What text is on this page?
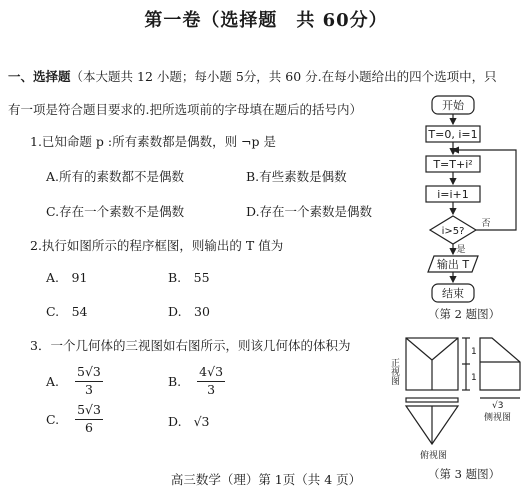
第一卷（选择题　共 60分）
一、选择题（本大题共 12 小题；每小题 5分，共 60 分.在每小题给出的四个选项中，只
有一项是符合题目要求的.把所选项前的字母填在题后的括号内）
1.已知命题 p :所有素数都是偶数，则 ¬p 是
A.所有的素数都不是偶数	B.有些素数是偶数
C.存在一个素数不是偶数	D.存在一个素数是偶数
2.执行如图所示的程序框图，则输出的 T 值为
A.　91	B.　55
C.　54	D.　30
3．一个几何体的三视图如右图所示，则该几何体的体积为
A. $\frac{5√3}{3}$	B. $\frac{4√3}{3}$
C. $\frac{5√3}{6}$	D. √3
开始
T=0, i=1
T=T+i²
i=i+1
i>5?
否
是
输出 T
结束
（第 2 题图）
正视图
1
1
√3
侧视图
俯视图
（第 3 题图）
高三数学（理）第 1页（共 4 页）
